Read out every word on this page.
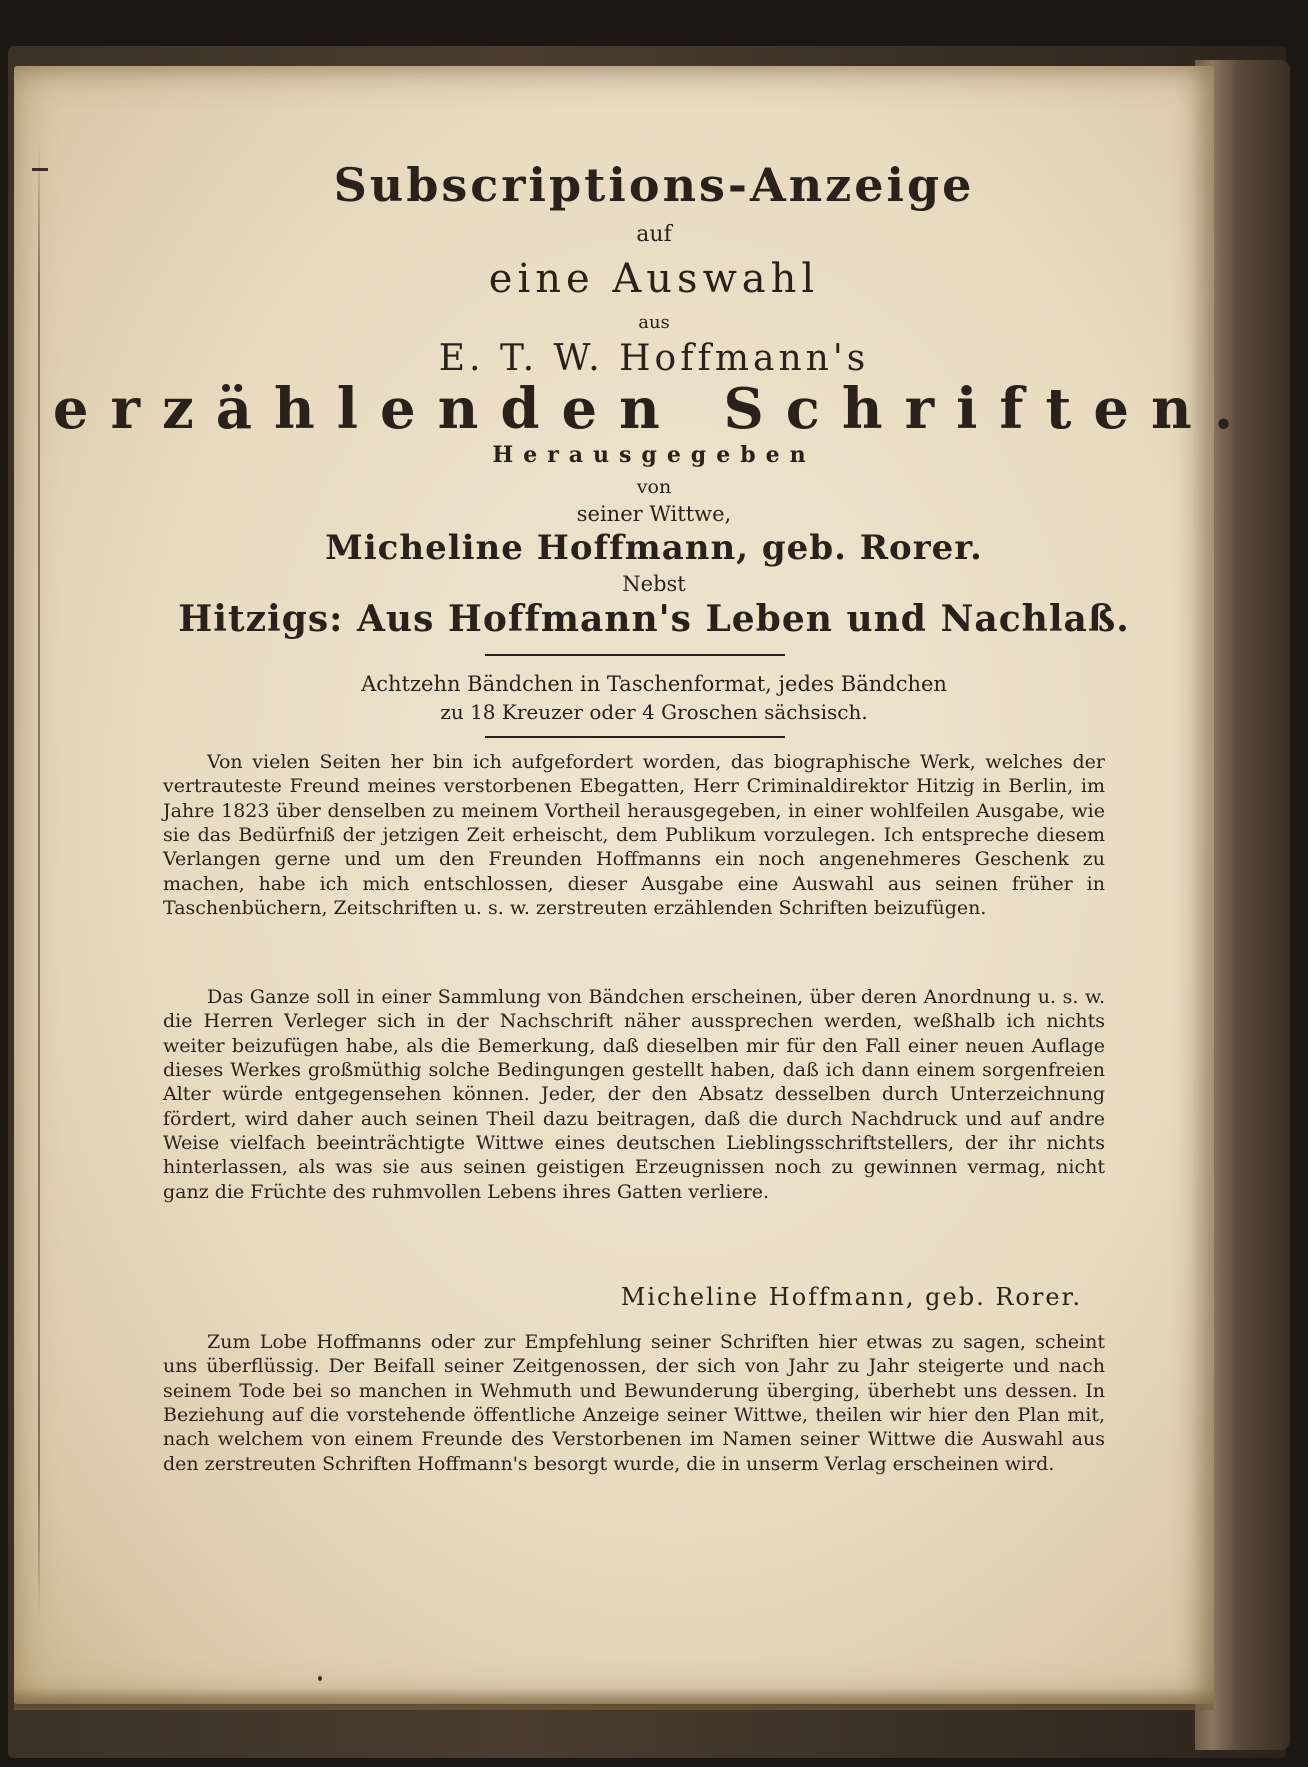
Subscriptions-Anzeige
auf
eine Auswahl
aus
E. T. W. Hoffmann's
erzählenden Schriften.
Herausgegeben
von
seiner Wittwe,
Micheline Hoffmann, geb. Rorer.
Nebst
Hitzigs: Aus Hoffmann's Leben und Nachlaß.
Achtzehn Bändchen in Taschenformat, jedes Bändchen
zu 18 Kreuzer oder 4 Groschen sächsisch.

Von vielen Seiten her bin ich aufgefordert worden, das biographische Werk, welches der vertrauteste Freund meines verstorbenen Ebegatten, Herr Criminaldirektor Hitzig in Berlin, im Jahre 1823 über denselben zu meinem Vortheil herausgegeben, in einer wohlfeilen Ausgabe, wie sie das Bedürfniß der jetzigen Zeit erheischt, dem Publikum vorzulegen. Ich entspreche diesem Verlangen gerne und um den Freunden Hoffmanns ein noch angenehmeres Geschenk zu machen, habe ich mich entschlossen, dieser Ausgabe eine Auswahl aus seinen früher in Taschenbüchern, Zeitschriften u. s. w. zerstreuten erzählenden Schriften beizufügen.

Das Ganze soll in einer Sammlung von Bändchen erscheinen, über deren Anordnung u. s. w. die Herren Verleger sich in der Nachschrift näher aussprechen werden, weßhalb ich nichts weiter beizufügen habe, als die Bemerkung, daß dieselben mir für den Fall einer neuen Auflage dieses Werkes großmüthig solche Bedingungen gestellt haben, daß ich dann einem sorgenfreien Alter würde entgegensehen können. Jeder, der den Absatz desselben durch Unterzeichnung fördert, wird daher auch seinen Theil dazu beitragen, daß die durch Nachdruck und auf andre Weise vielfach beeinträchtigte Wittwe eines deutschen Lieblingsschriftstellers, der ihr nichts hinterlassen, als was sie aus seinen geistigen Erzeugnissen noch zu gewinnen vermag, nicht ganz die Früchte des ruhmvollen Lebens ihres Gatten verliere.

Micheline Hoffmann, geb. Rorer.

Zum Lobe Hoffmanns oder zur Empfehlung seiner Schriften hier etwas zu sagen, scheint uns überflüssig. Der Beifall seiner Zeitgenossen, der sich von Jahr zu Jahr steigerte und nach seinem Tode bei so manchen in Wehmuth und Bewunderung überging, überhebt uns dessen. In Beziehung auf die vorstehende öffentliche Anzeige seiner Wittwe, theilen wir hier den Plan mit, nach welchem von einem Freunde des Verstorbenen im Namen seiner Wittwe die Auswahl aus den zerstreuten Schriften Hoffmann's besorgt wurde, die in unserm Verlag erscheinen wird.
